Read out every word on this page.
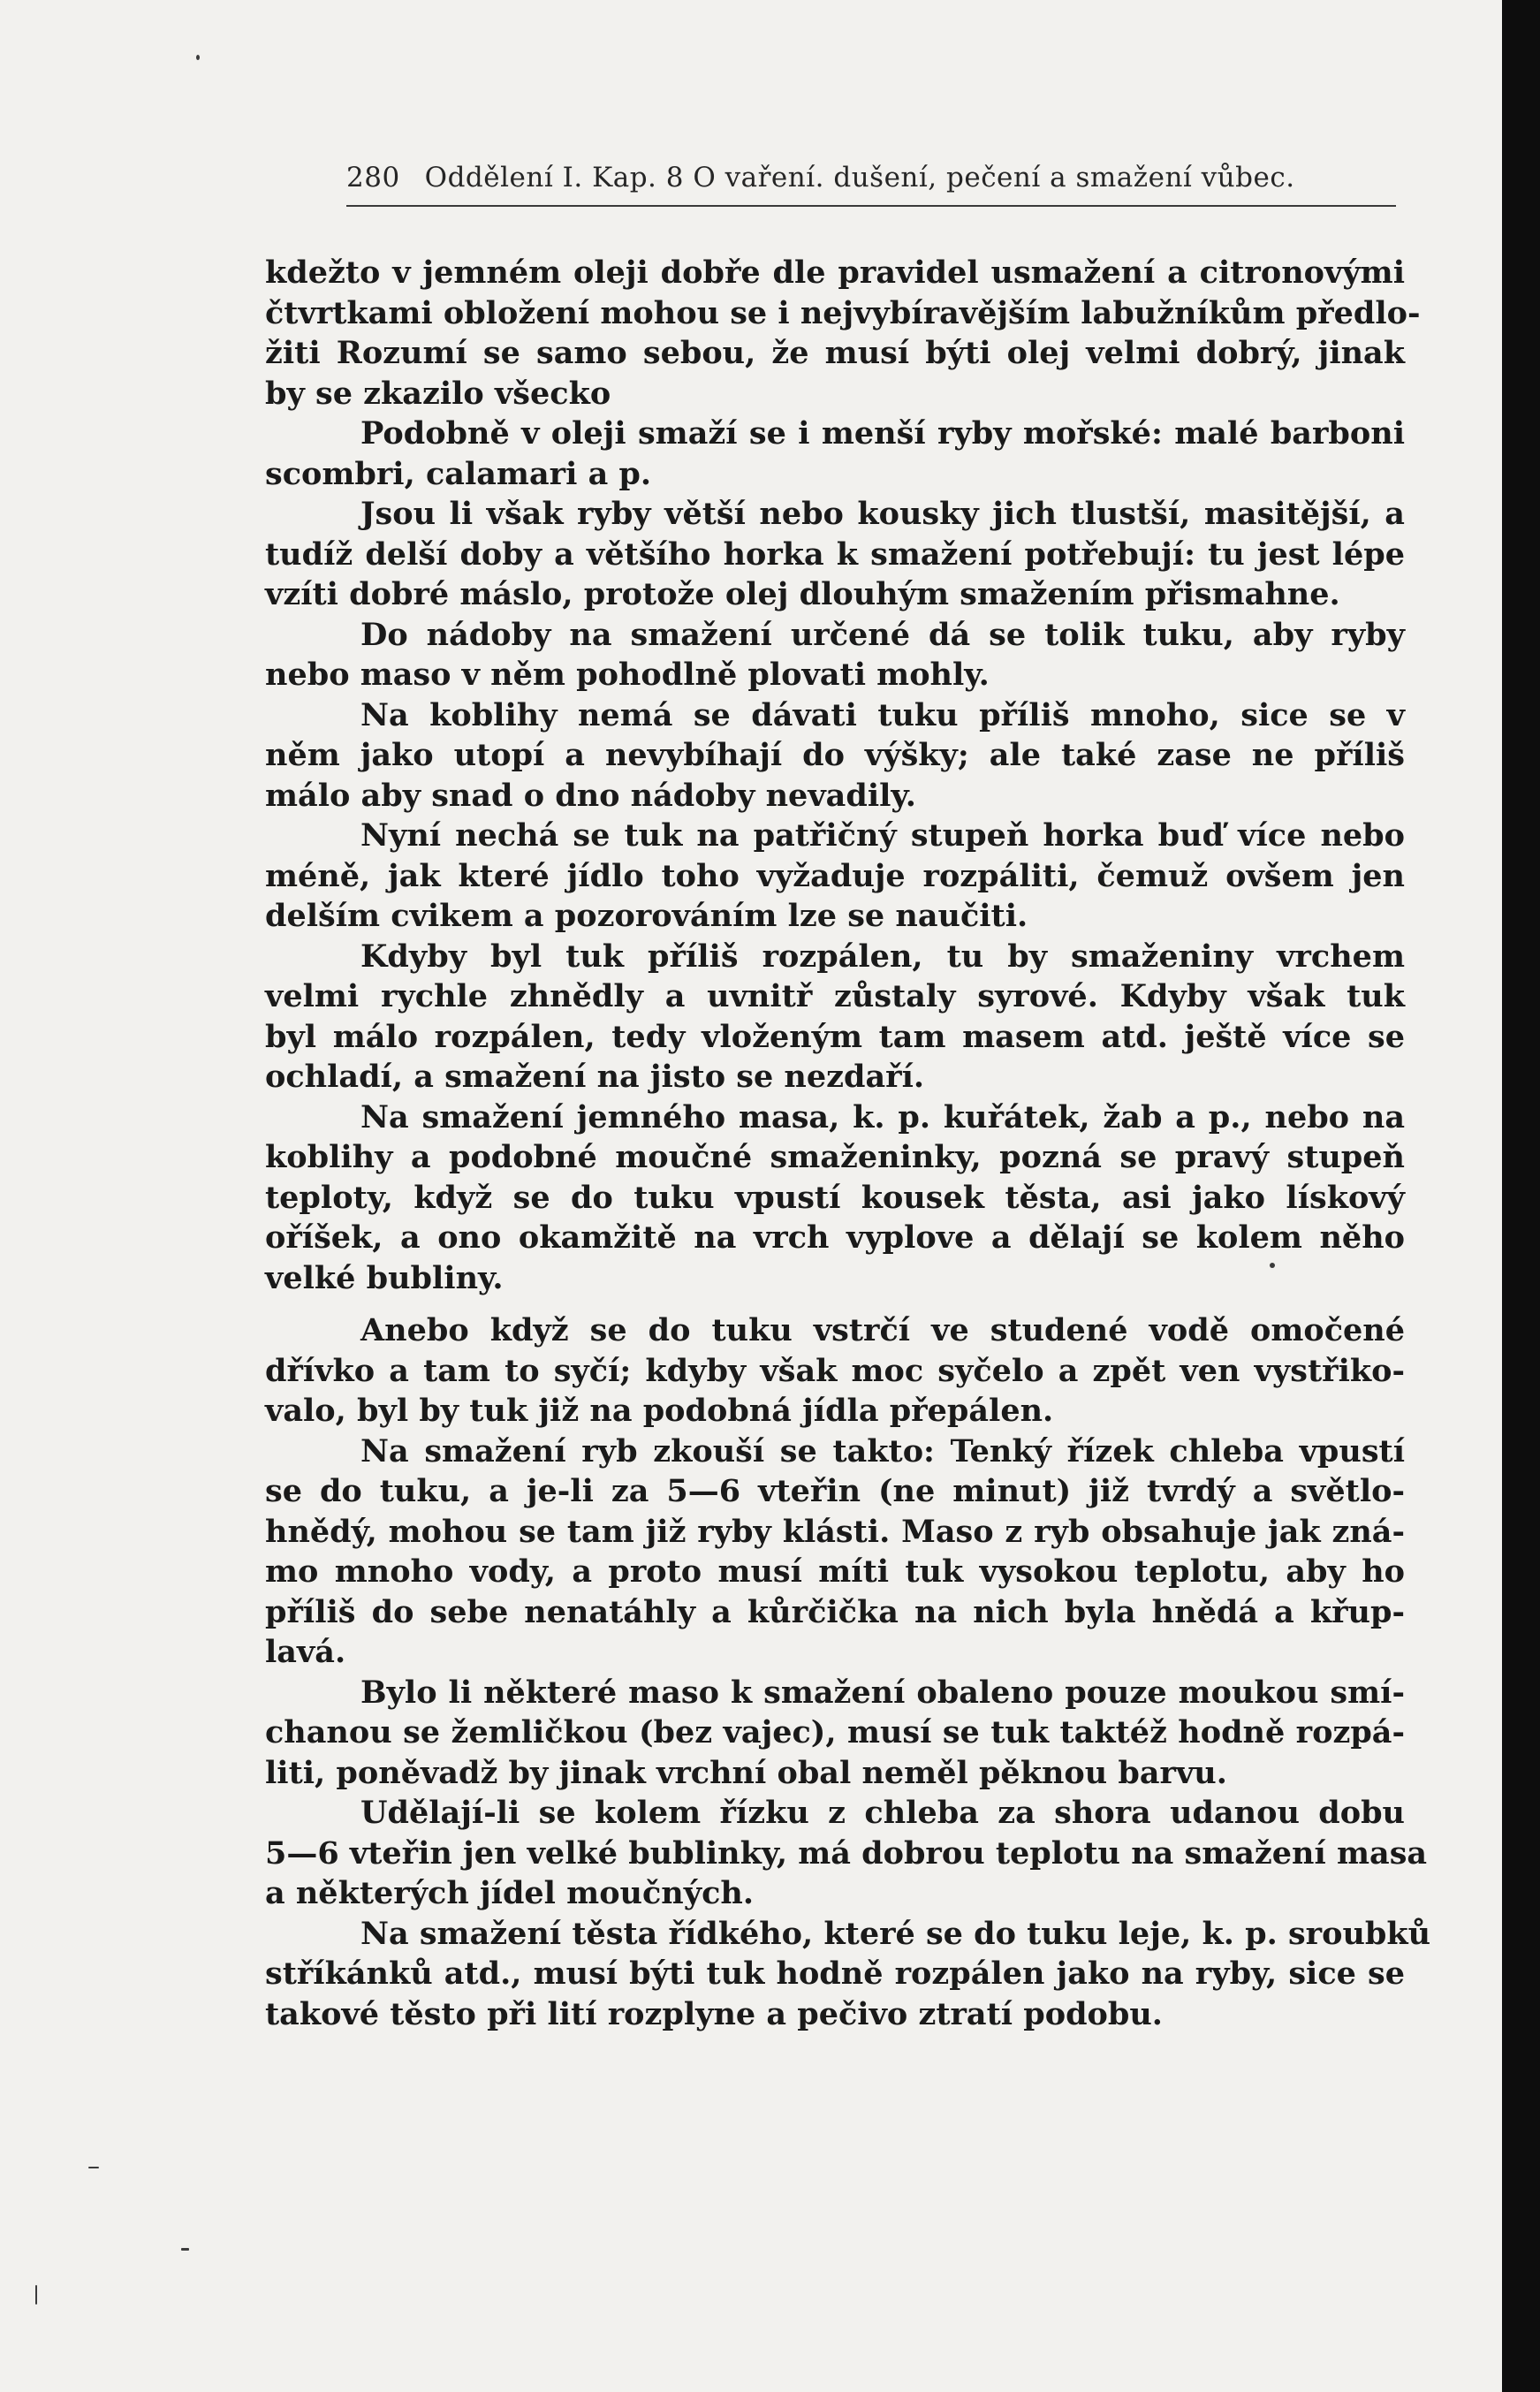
280 Oddělení I. Kap. 8 O vaření. dušení, pečení a smažení vůbec.
kdežto v jemném oleji dobře dle pravidel usmažení a citronovými
čtvrtkami obložení mohou se i nejvybíravějším labužníkům předlo-
žiti Rozumí se samo sebou, že musí býti olej velmi dobrý, jinak
by se zkazilo všecko
Podobně v oleji smaží se i menší ryby mořské: malé barboni
scombri, calamari a p.
Jsou li však ryby větší nebo kousky jich tlustší, masitější, a
tudíž delší doby a většího horka k smažení potřebují: tu jest lépe
vzíti dobré máslo, protože olej dlouhým smažením přismahne.
Do nádoby na smažení určené dá se tolik tuku, aby ryby
nebo maso v něm pohodlně plovati mohly.
Na koblihy nemá se dávati tuku příliš mnoho, sice se v
něm jako utopí a nevybíhají do výšky; ale také zase ne příliš
málo aby snad o dno nádoby nevadily.
Nyní nechá se tuk na patřičný stupeň horka buď více nebo
méně, jak které jídlo toho vyžaduje rozpáliti, čemuž ovšem jen
delším cvikem a pozorováním lze se naučiti.
Kdyby byl tuk příliš rozpálen, tu by smaženiny vrchem
velmi rychle zhnědly a uvnitř zůstaly syrové. Kdyby však tuk
byl málo rozpálen, tedy vloženým tam masem atd. ještě více se
ochladí, a smažení na jisto se nezdaří.
Na smažení jemného masa, k. p. kuřátek, žab a p., nebo na
koblihy a podobné moučné smaženinky, pozná se pravý stupeň
teploty, když se do tuku vpustí kousek těsta, asi jako lískový
oříšek, a ono okamžitě na vrch vyplove a dělají se kolem něho
velké bubliny.
Anebo když se do tuku vstrčí ve studené vodě omočené
dřívko a tam to syčí; kdyby však moc syčelo a zpět ven vystřiko-
valo, byl by tuk již na podobná jídla přepálen.
Na smažení ryb zkouší se takto: Tenký řízek chleba vpustí
se do tuku, a je-li za 5—6 vteřin (ne minut) již tvrdý a světlo-
hnědý, mohou se tam již ryby klásti. Maso z ryb obsahuje jak zná-
mo mnoho vody, a proto musí míti tuk vysokou teplotu, aby ho
příliš do sebe nenatáhly a kůrčička na nich byla hnědá a křup-
lavá.
Bylo li některé maso k smažení obaleno pouze moukou smí-
chanou se žemličkou (bez vajec), musí se tuk taktéž hodně rozpá-
liti, poněvadž by jinak vrchní obal neměl pěknou barvu.
Udělají-li se kolem řízku z chleba za shora udanou dobu
5—6 vteřin jen velké bublinky, má dobrou teplotu na smažení masa
a některých jídel moučných.
Na smažení těsta řídkého, které se do tuku leje, k. p. sroubků
stříkánků atd., musí býti tuk hodně rozpálen jako na ryby, sice se
takové těsto při lití rozplyne a pečivo ztratí podobu.
